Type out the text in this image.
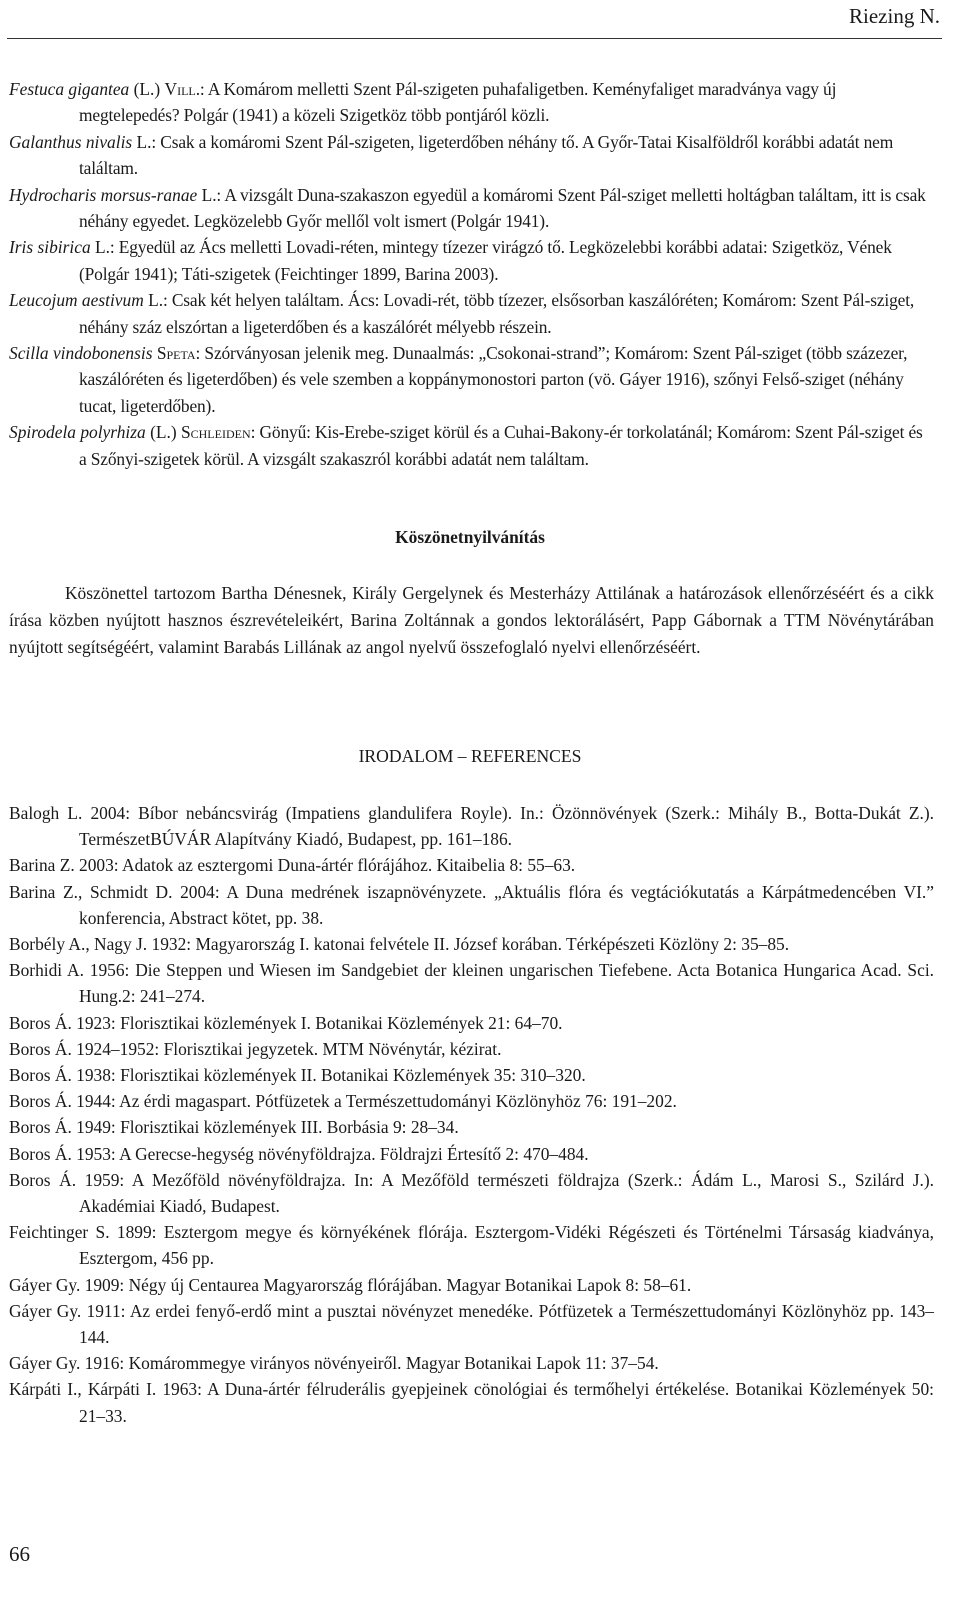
Riezing N.
Festuca gigantea (L.) Vill.: A Komárom melletti Szent Pál-szigeten puhafaligetben. Keményfaliget maradványa vagy új megtelepedés? Polgár (1941) a közeli Szigetköz több pontjáról közli.
Galanthus nivalis L.: Csak a komáromi Szent Pál-szigeten, ligeterdőben néhány tő. A Győr-Tatai Kisalföldről korábbi adatát nem találtam.
Hydrocharis morsus-ranae L.: A vizsgált Duna-szakaszon egyedül a komáromi Szent Pál-sziget melletti holtágban találtam, itt is csak néhány egyedet. Legközelebb Győr mellől volt ismert (Polgár 1941).
Iris sibirica L.: Egyedül az Ács melletti Lovadi-réten, mintegy tízezer virágzó tő. Legközelebbi korábbi adatai: Szigetköz, Vének (Polgár 1941); Táti-szigetek (Feichtinger 1899, Barina 2003).
Leucojum aestivum L.: Csak két helyen találtam. Ács: Lovadi-rét, több tízezer, elsősorban kaszálóréten; Komárom: Szent Pál-sziget, néhány száz elszórtan a ligeterdőben és a kaszálórét mélyebb részein.
Scilla vindobonensis Speta: Szórványosan jelenik meg. Dunaalmás: „Csokonai-strand”; Komárom: Szent Pál-sziget (több százezer, kaszálóréten és ligeterdőben) és vele szemben a koppánymonostori parton (vö. Gáyer 1916), szőnyi Felső-sziget (néhány tucat, ligeterdőben).
Spirodela polyrhiza (L.) Schleiden: Gönyű: Kis-Erebe-sziget körül és a Cuhai-Bakony-ér torkolatánál; Komárom: Szent Pál-sziget és a Szőnyi-szigetek körül. A vizsgált szakaszról korábbi adatát nem találtam.
Köszönetnyilvánítás
Köszönettel tartozom Bartha Dénesnek, Király Gergelynek és Mesterházy Attilának a határozások ellenőrzéséért és a cikk írása közben nyújtott hasznos észrevételeikért, Barina Zoltánnak a gondos lektorálásért, Papp Gábornak a TTM Növénytárában nyújtott segítségéért, valamint Barabás Lillának az angol nyelvű összefoglaló nyelvi ellenőrzéséért.
IRODALOM – REFERENCES
Balogh L. 2004: Bíbor nebáncsvirág (Impatiens glandulifera Royle). In.: Özönnövények (Szerk.: Mihály B., Botta-Dukát Z.). TermészetBÚVÁR Alapítvány Kiadó, Budapest, pp. 161–186.
Barina Z. 2003: Adatok az esztergomi Duna-ártér flórájához. Kitaibelia 8: 55–63.
Barina Z., Schmidt D. 2004: A Duna medrének iszapnövényzete. „Aktuális flóra és vegtációkutatás a Kárpátmedencében VI.” konferencia, Abstract kötet, pp. 38.
Borbély A., Nagy J. 1932: Magyarország I. katonai felvétele II. József korában. Térképészeti Közlöny 2: 35–85.
Borhidi A. 1956: Die Steppen und Wiesen im Sandgebiet der kleinen ungarischen Tiefebene. Acta Botanica Hungarica Acad. Sci. Hung.2: 241–274.
Boros Á. 1923: Florisztikai közlemények I. Botanikai Közlemények 21: 64–70.
Boros Á. 1924–1952: Florisztikai jegyzetek. MTM Növénytár, kézirat.
Boros Á. 1938: Florisztikai közlemények II. Botanikai Közlemények 35: 310–320.
Boros Á. 1944: Az érdi magaspart. Pótfüzetek a Természettudományi Közlönyhöz 76: 191–202.
Boros Á. 1949: Florisztikai közlemények III. Borbásia 9: 28–34.
Boros Á. 1953: A Gerecse-hegység növényföldrajza. Földrajzi Értesítő 2: 470–484.
Boros Á. 1959: A Mezőföld növényföldrajza. In: A Mezőföld természeti földrajza (Szerk.: Ádám L., Marosi S., Szilárd J.). Akadémiai Kiadó, Budapest.
Feichtinger S. 1899: Esztergom megye és környékének flórája. Esztergom-Vidéki Régészeti és Történelmi Társaság kiadványa, Esztergom, 456 pp.
Gáyer Gy. 1909: Négy új Centaurea Magyarország flórájában. Magyar Botanikai Lapok 8: 58–61.
Gáyer Gy. 1911: Az erdei fenyő-erdő mint a pusztai növényzet menedéke. Pótfüzetek a Természettudományi Közlönyhöz pp. 143–144.
Gáyer Gy. 1916: Komárommegye virányos növényeiről. Magyar Botanikai Lapok 11: 37–54.
Kárpáti I., Kárpáti I. 1963: A Duna-ártér félruderális gyepjeinek cönológiai és termőhelyi értékelése. Botanikai Közlemények 50: 21–33.
66
